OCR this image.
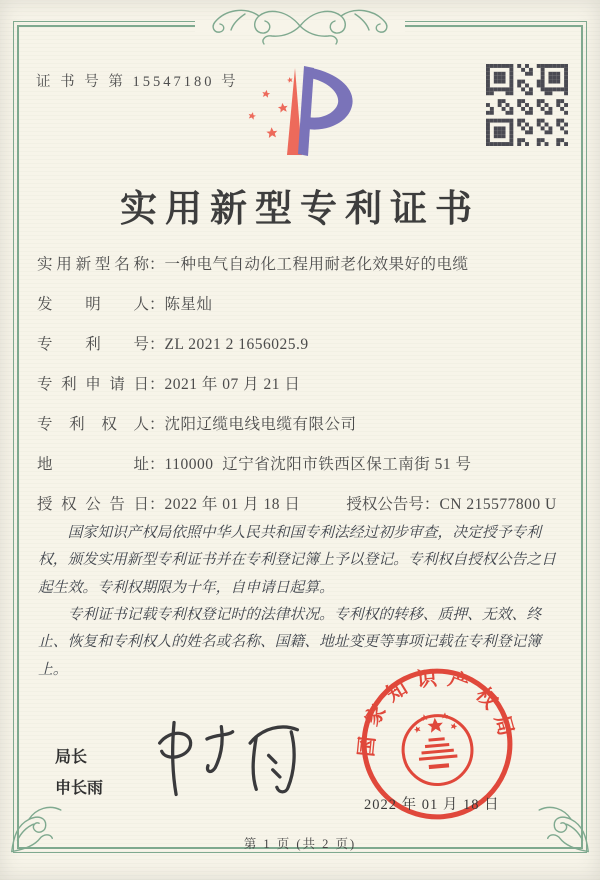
证 书 号 第 15547180 号
实用新型专利证书
实用新型名称 ： 一种电气自动化工程用耐老化效果好的电缆
发明人 ： 陈星灿
专利号 ： ZL 2021 2 1656025.9
专利申请日 ： 2021 年 07 月 21 日
专利权人 ： 沈阳辽缆电线电缆有限公司
地址 ： 110000  辽宁省沈阳市铁西区保工南街 51 号
授权公告日 ： 2022 年 01 月 18 日	授权公告号 ： CN 215577800 U

国家知识产权局依照中华人民共和国专利法经过初步审查，决定授予专利权，颁发实用新型专利证书并在专利登记簿上予以登记。专利权自授权公告之日起生效。专利权期限为十年，自申请日起算。

专利证书记载专利权登记时的法律状况。专利权的转移、质押、无效、终止、恢复和专利权人的姓名或名称、国籍、地址变更等事项记载在专利登记簿上。

局长
申长雨
国家知识产权局
2022 年 01 月 18 日
第 1 页 (共 2 页)
